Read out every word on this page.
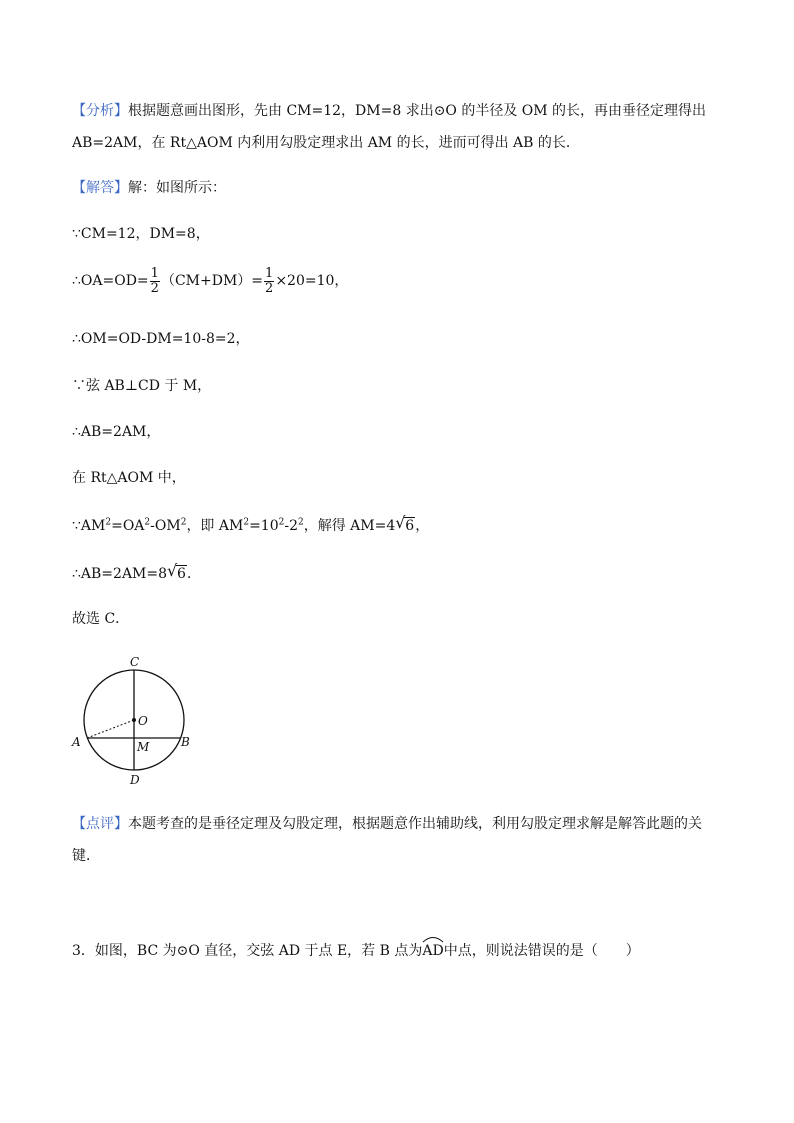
【分析】根据题意画出图形，先由 CM=12，DM=8 求出⊙O 的半径及 OM 的长，再由垂径定理得出
AB=2AM，在 Rt△AOM 内利用勾股定理求出 AM 的长，进而可得出 AB 的长．
【解答】解：如图所示：
∵CM=12，DM=8，
∴OA=OD= $\frac{1}{2} (CM+DM)= \frac{1}{2} \times 20=10$，
∴OM=OD-DM=10-8=2，
∵弦 AB⊥CD 于 M，
∴AB=2AM，
在 Rt△AOM 中，
$\because AM^2=OA^2-OM^2$，即 $AM^2=10^2-2^2$，解得 AM=4 √ 6，
∴AB=2AM=8 √ 6．
故选 C．
C
D
A	B
O
M
【点评】本题考查的是垂径定理及勾股定理，根据题意作出辅助线，利用勾股定理求解是解答此题的关
键．
3．如图，BC 为⊙O 直径，交弦 AD 于点 E，若 B 点为
AD中点，则说法错误的是（　　）
